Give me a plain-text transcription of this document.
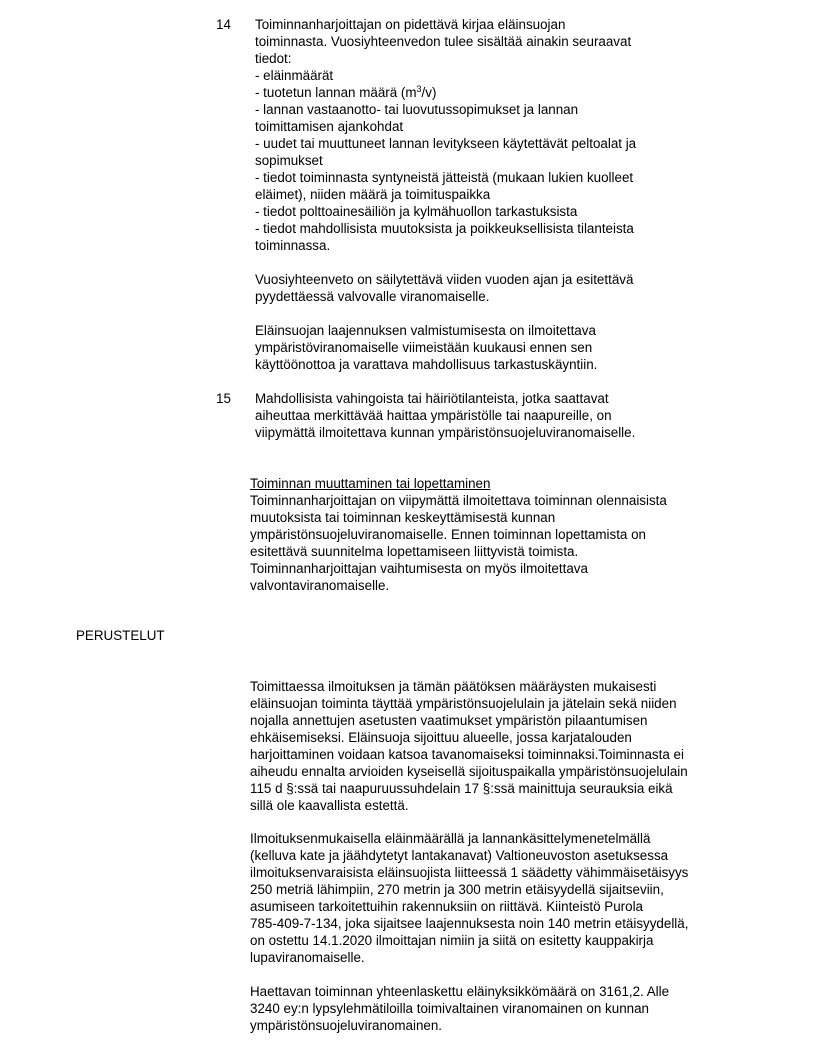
14 Toiminnanharjoittajan on pidettävä kirjaa eläinsuojan
toiminnasta. Vuosiyhteenvedon tulee sisältää ainakin seuraavat
tiedot:
- eläinmäärät
- tuotetun lannan määrä $(m^3/v)$
- lannan vastaanotto- tai luovutussopimukset ja lannan
toimittamisen ajankohdat
- uudet tai muuttuneet lannan levitykseen käytettävät peltoalat ja
sopimukset
- tiedot toiminnasta syntyneistä jätteistä (mukaan lukien kuolleet
eläimet), niiden määrä ja toimituspaikka
- tiedot polttoainesäiliön ja kylmähuollon tarkastuksista
- tiedot mahdollisista muutoksista ja poikkeuksellisista tilanteista
toiminnassa.
Vuosiyhteenveto on säilytettävä viiden vuoden ajan ja esitettävä
pyydettäessä valvovalle viranomaiselle.
Eläinsuojan laajennuksen valmistumisesta on ilmoitettava
ympäristöviranomaiselle viimeistään kuukausi ennen sen
käyttöönottoa ja varattava mahdollisuus tarkastuskäyntiin.
15 Mahdollisista vahingoista tai häiriötilanteista, jotka saattavat
aiheuttaa merkittävää haittaa ympäristölle tai naapureille, on
viipymättä ilmoitettava kunnan ympäristönsuojeluviranomaiselle.
Toiminnan muuttaminen tai lopettaminen
Toiminnanharjoittajan on viipymättä ilmoitettava toiminnan olennaisista
muutoksista tai toiminnan keskeyttämisestä kunnan
ympäristönsuojeluviranomaiselle. Ennen toiminnan lopettamista on
esitettävä suunnitelma lopettamiseen liittyvistä toimista.
Toiminnanharjoittajan vaihtumisesta on myös ilmoitettava
valvontaviranomaiselle.
PERUSTELUT
Toimittaessa ilmoituksen ja tämän päätöksen määräysten mukaisesti
eläinsuojan toiminta täyttää ympäristönsuojelulain ja jätelain sekä niiden
nojalla annettujen asetusten vaatimukset ympäristön pilaantumisen
ehkäisemiseksi. Eläinsuoja sijoittuu alueelle, jossa karjatalouden
harjoittaminen voidaan katsoa tavanomaiseksi toiminnaksi.Toiminnasta ei
aiheudu ennalta arvioiden kyseisellä sijoituspaikalla ympäristönsuojelulain
115 d §:ssä tai naapuruussuhdelain 17 §:ssä mainittuja seurauksia eikä
sillä ole kaavallista estettä.
Ilmoituksenmukaisella eläinmäärällä ja lannankäsittelymenetelmällä
(kelluva kate ja jäähdytetyt lantakanavat) Valtioneuvoston asetuksessa
ilmoituksenvaraisista eläinsuojista liitteessä 1 säädetty vähimmäisetäisyys
250 metriä lähimpiin, 270 metrin ja 300 metrin etäisyydellä sijaitseviin,
asumiseen tarkoitettuihin rakennuksiin on riittävä. Kiinteistö Purola
785-409-7-134, joka sijaitsee laajennuksesta noin 140 metrin etäisyydellä,
on ostettu 14.1.2020 ilmoittajan nimiin ja siitä on esitetty kauppakirja
lupaviranomaiselle.
Haettavan toiminnan yhteenlaskettu eläinyksikkömäärä on 3161,2. Alle
3240 ey:n lypsylehmätiloilla toimivaltainen viranomainen on kunnan
ympäristönsuojeluviranomainen.
